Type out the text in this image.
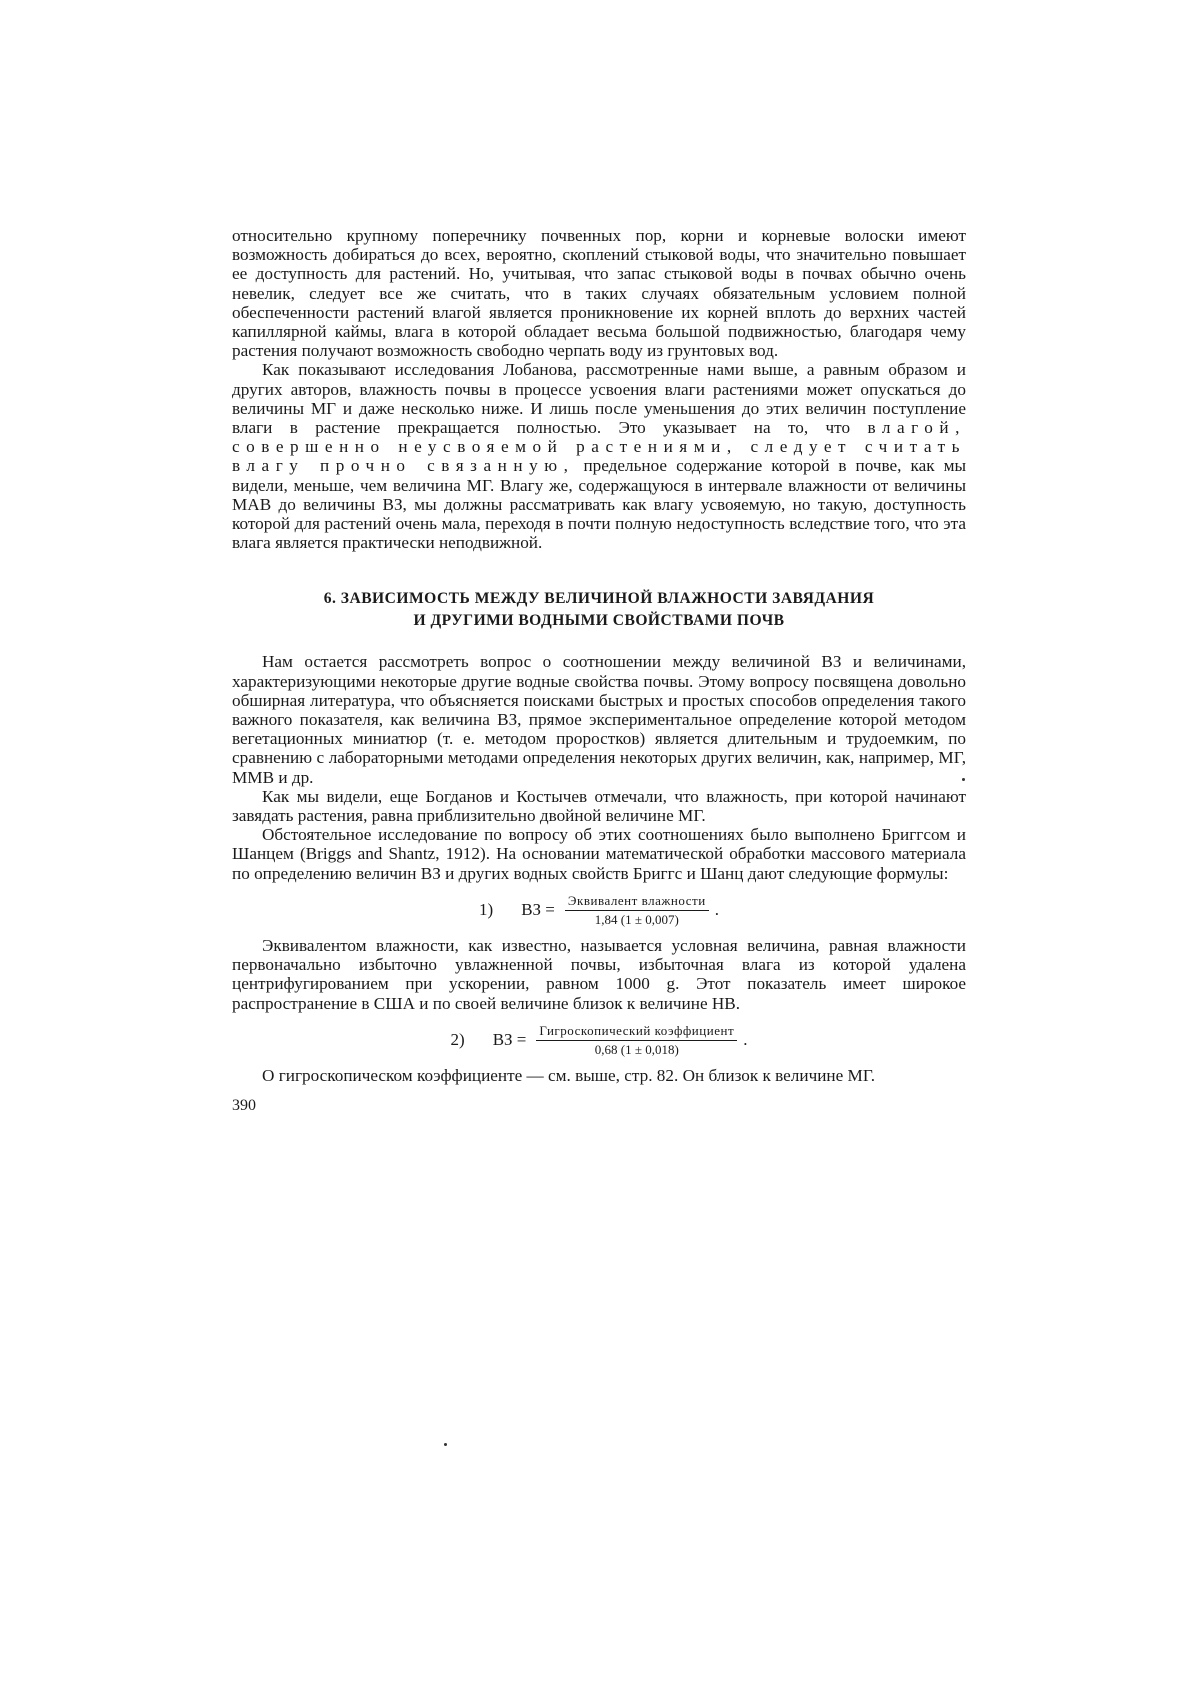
относительно крупному поперечнику почвенных пор, корни и корневые волоски имеют возможность добираться до всех, вероятно, скоплений стыковой воды, что значительно повышает ее доступность для растений. Но, учитывая, что запас стыковой воды в почвах обычно очень невелик, следует все же считать, что в таких случаях обязательным условием полной обеспеченности растений влагой является проникновение их корней вплоть до верхних частей капиллярной каймы, влага в которой обладает весьма большой подвижностью, благодаря чему растения получают возможность свободно черпать воду из грунтовых вод.

Как показывают исследования Лобанова, рассмотренные нами выше, а равным образом и других авторов, влажность почвы в процессе усвоения влаги растениями может опускаться до величины МГ и даже несколько ниже. И лишь после уменьшения до этих величин поступление влаги в растение прекращается полностью. Это указывает на то, что влагой, совершенно неусвояемой растениями, следует считать влагу прочно связанную, предельное содержание которой в почве, как мы видели, меньше, чем величина МГ. Влагу же, содержащуюся в интервале влажности от величины МАВ до величины ВЗ, мы должны рассматривать как влагу усвояемую, но такую, доступность которой для растений очень мала, переходя в почти полную недоступность вследствие того, что эта влага является практически неподвижной.

6. ЗАВИСИМОСТЬ МЕЖДУ ВЕЛИЧИНОЙ ВЛАЖНОСТИ ЗАВЯДАНИЯ
И ДРУГИМИ ВОДНЫМИ СВОЙСТВАМИ ПОЧВ

Нам остается рассмотреть вопрос о соотношении между величиной ВЗ и величинами, характеризующими некоторые другие водные свойства почвы. Этому вопросу посвящена довольно обширная литература, что объясняется поисками быстрых и простых способов определения такого важного показателя, как величина ВЗ, прямое экспериментальное определение которой методом вегетационных миниатюр (т. е. методом проростков) является длительным и трудоемким, по сравнению с лабораторными методами определения некоторых других величин, как, например, МГ, ММВ и др.

Как мы видели, еще Богданов и Костычев отмечали, что влажность, при которой начинают завядать растения, равна приблизительно двойной величине МГ.

Обстоятельное исследование по вопросу об этих соотношениях было выполнено Бриггсом и Шанцем (Briggs and Shantz, 1912). На основании математической обработки массового материала по определению величин ВЗ и других водных свойств Бриггс и Шанц дают следующие формулы:

1) ВЗ = $\frac{\text{Эквивалент влажности}}{1,84 (1 \pm 0,007)}$ .

Эквивалентом влажности, как известно, называется условная величина, равная влажности первоначально избыточно увлажненной почвы, избыточная влага из которой удалена центрифугированием при ускорении, равном 1000 g. Этот показатель имеет широкое распространение в США и по своей величине близок к величине НВ.

2) ВЗ = $\frac{\text{Гигроскопический коэффициент}}{0,68 (1 \pm 0,018)}$ .

О гигроскопическом коэффициенте — см. выше, стр. 82. Он близок к величине МГ.

390
